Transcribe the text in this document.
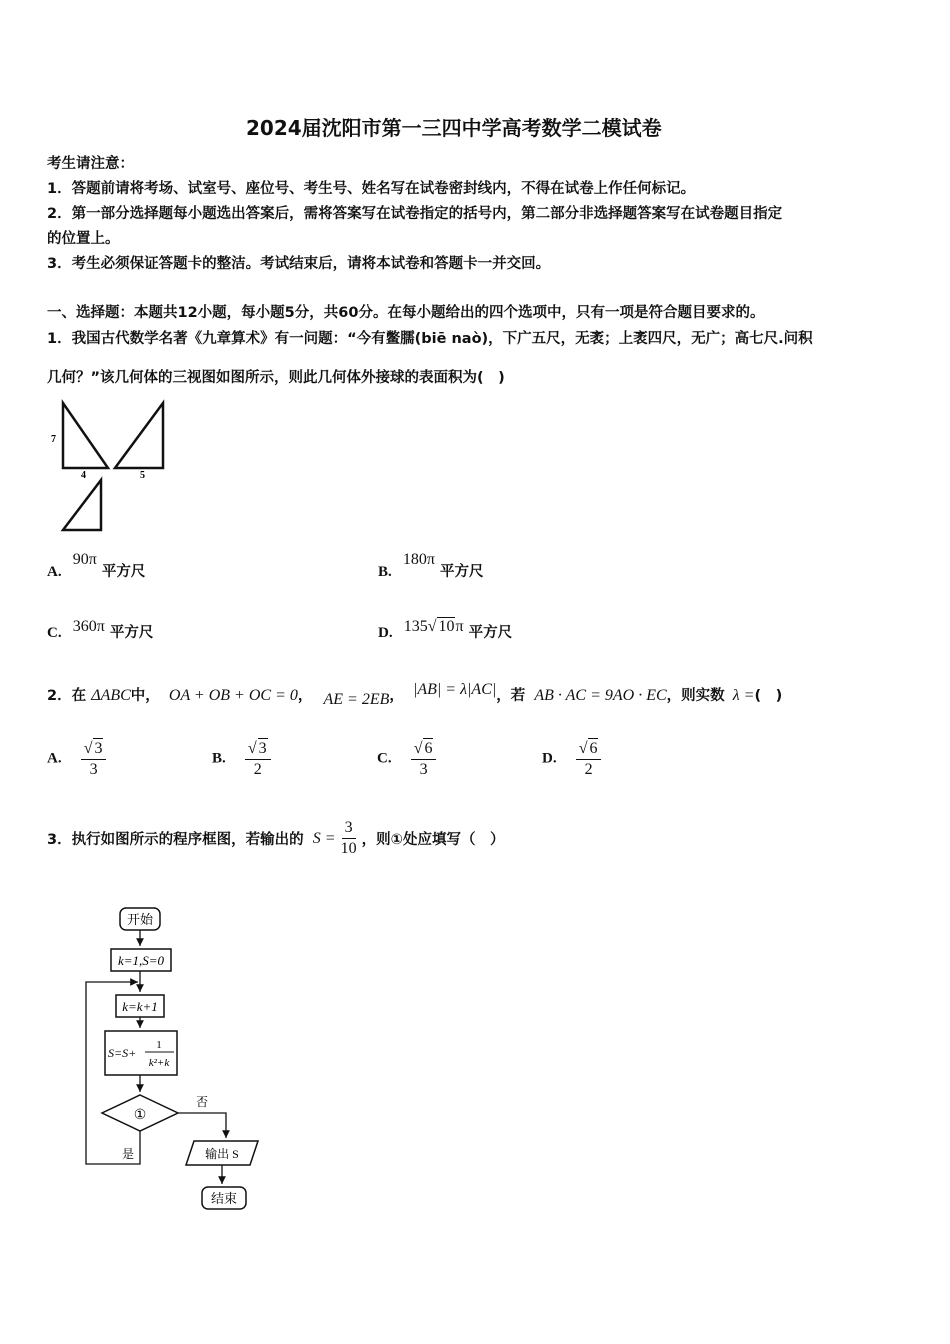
2024届沈阳市第一三四中学高考数学二模试卷
考生请注意：
1．答题前请将考场、试室号、座位号、考生号、姓名写在试卷密封线内，不得在试卷上作任何标记。
2．第一部分选择题每小题选出答案后，需将答案写在试卷指定的括号内，第二部分非选择题答案写在试卷题目指定
的位置上。
3．考生必须保证答题卡的整洁。考试结束后，请将本试卷和答题卡一并交回。
一、选择题：本题共12小题，每小题5分，共60分。在每小题给出的四个选项中，只有一项是符合题目要求的。
1．我国古代数学名著《九章算术》有一问题：“今有鳖臑(biē naò)，下广五尺，无袤；上袤四尺，无广；高七尺.问积
几何？”该几何体的三视图如图所示，则此几何体外接球的表面积为(　)
7
4	5
A. 90π 平方尺	B. 180π 平方尺
C. 360π 平方尺	D. 135√ 10π 平方尺
2．在 ΔABC中， OA + OB + OC = 0， AE = 2EB， |AB| = λ|AC|，若 AB · AC = 9AO · EC，则实数 λ =(　)
A. $\frac{√ 3}{3}$	B. $\frac{√ 3}{2}$	C. $\frac{√ 6}{3}$	D. $\frac{√ 6}{2}$
3．执行如图所示的程序框图，若输出的 $S = \frac{3}{10}$ ，则①处应填写（　）
开始
k=1,S=0
k=k+1
S=S+
1
k²+k
①
是
否
输出 S
结束
